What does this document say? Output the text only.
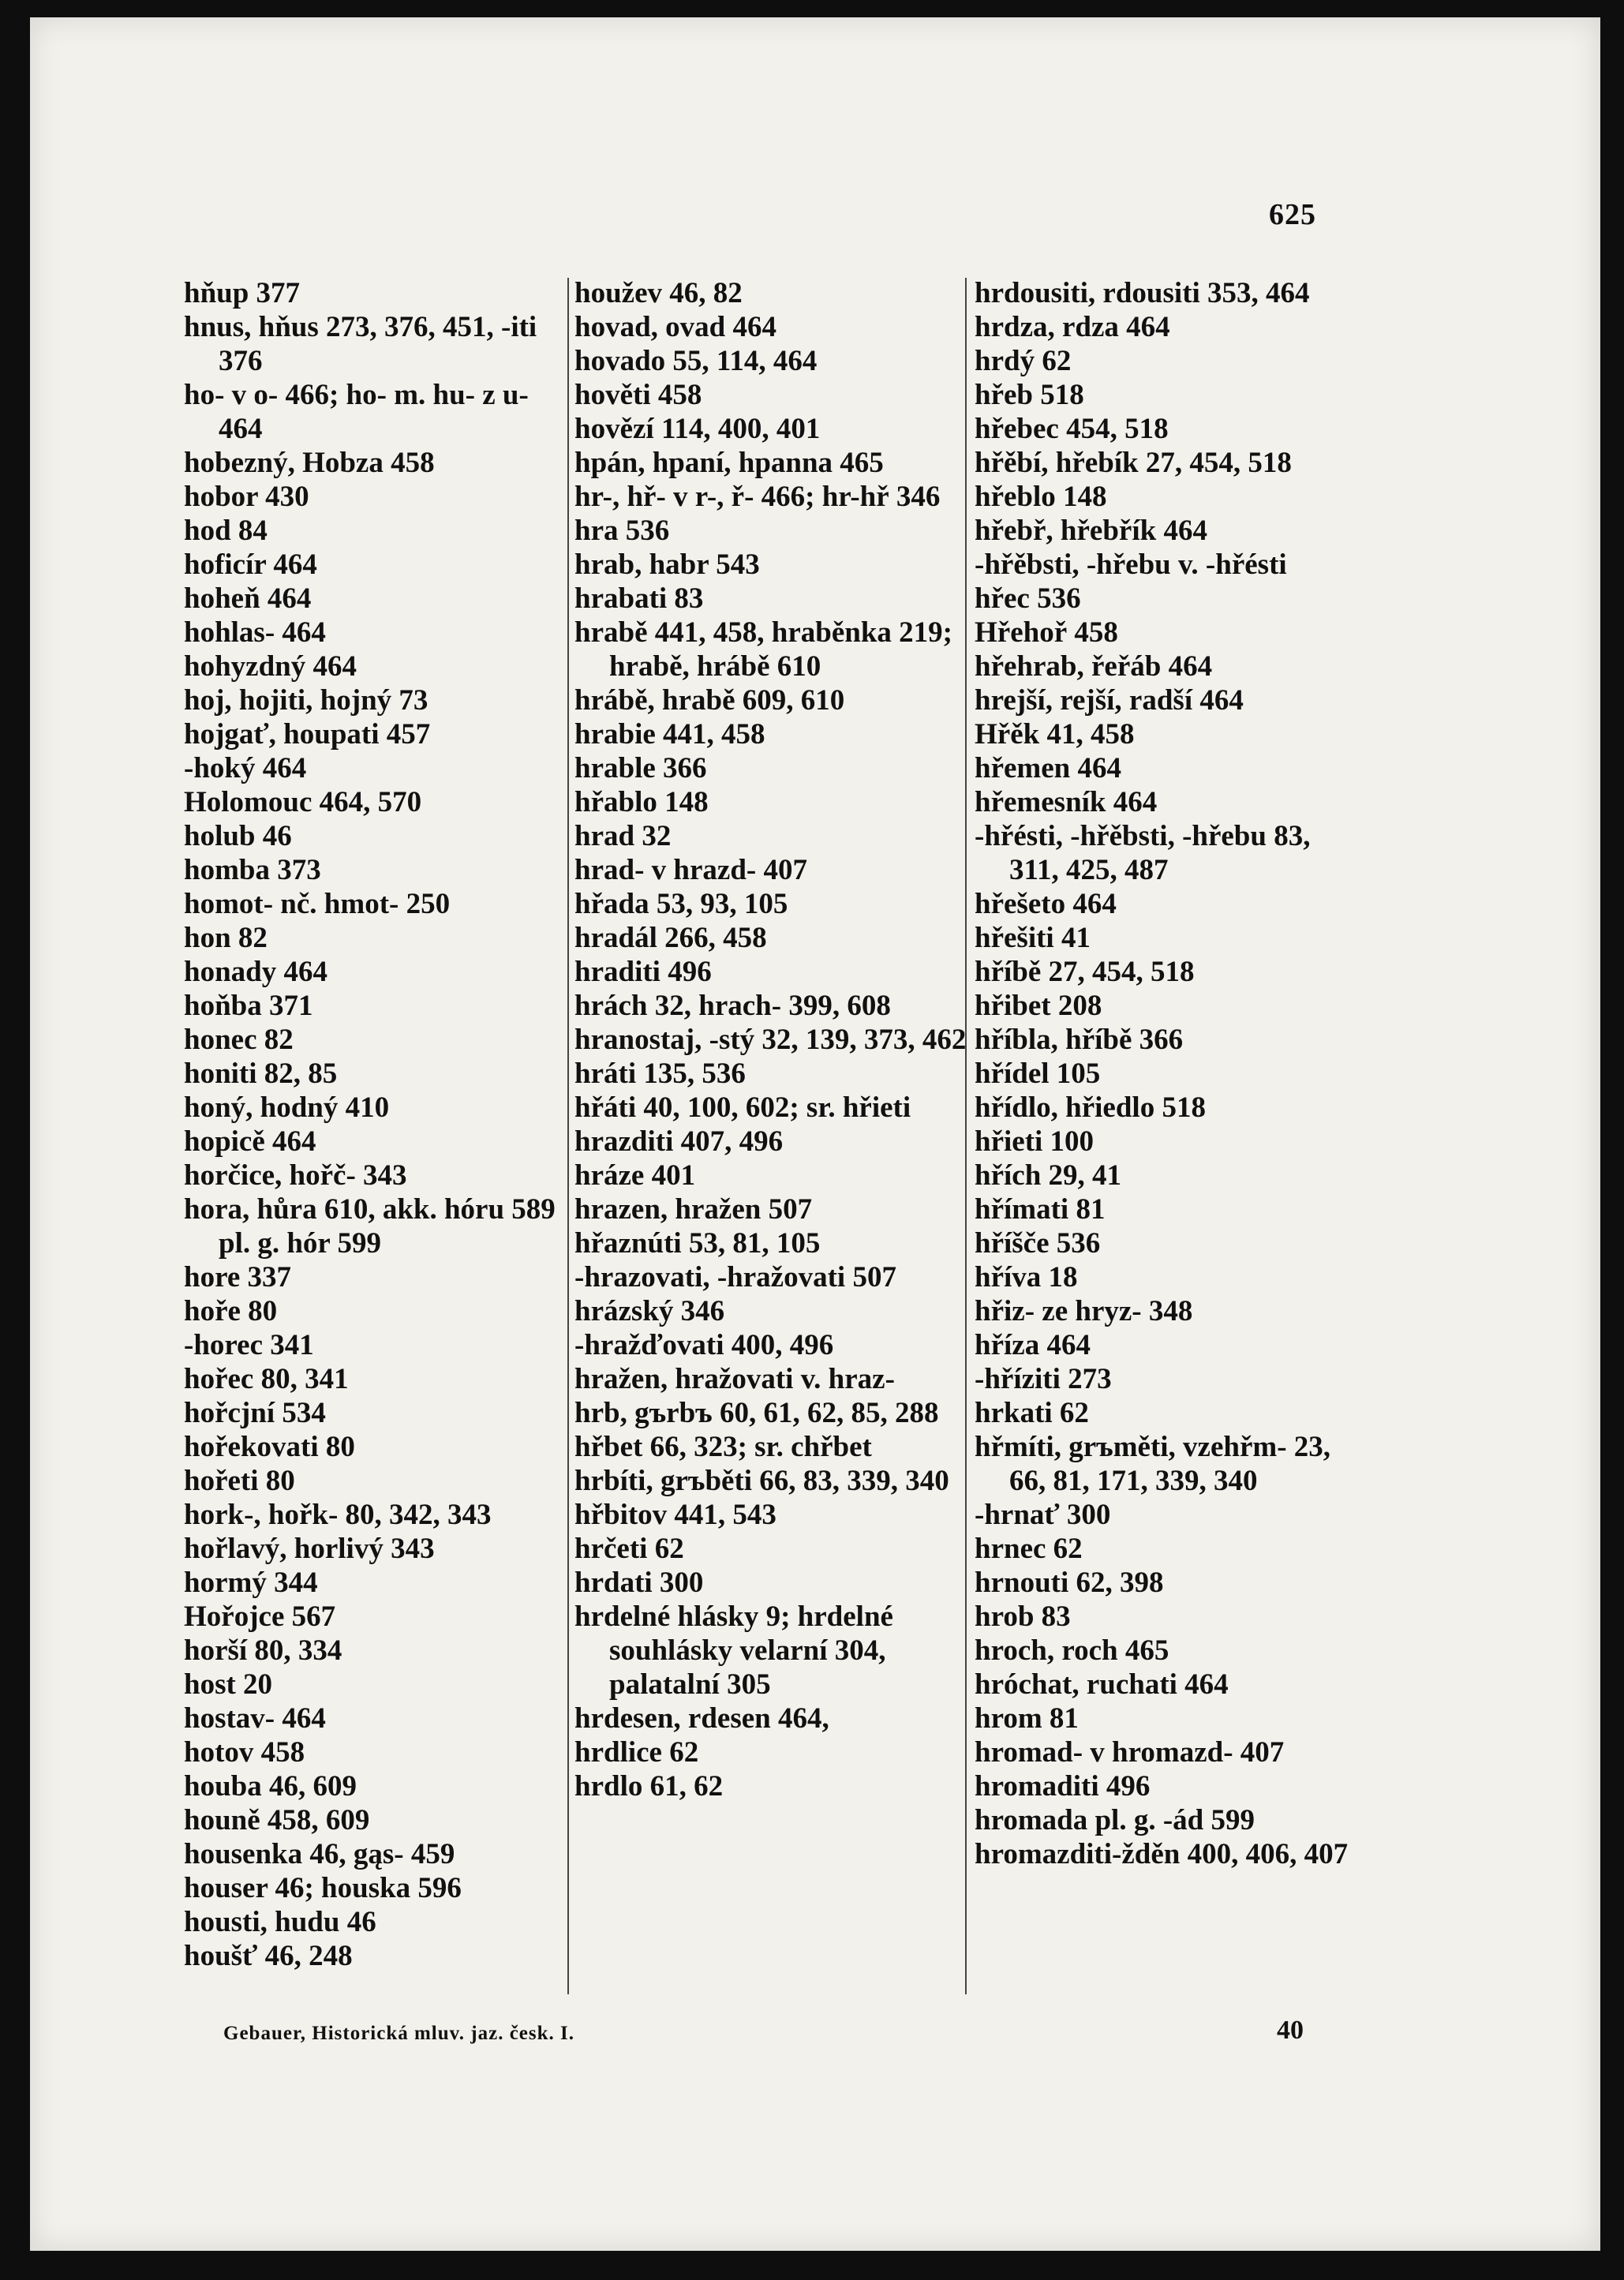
625
hňup 377
hnus, hňus 273, 376, 451, -iti 376
ho- v o- 466; ho- m. hu- z u- 464
hobezný, Hobza 458
hobor 430
hod 84
hoficír 464
hoheň 464
hohlas- 464
hohyzdný 464
hoj, hojiti, hojný 73
hojgať, houpati 457
-hoký 464
Holomouc 464, 570
holub 46
homba 373
homot- nč. hmot- 250
hon 82
honady 464
hoňba 371
honec 82
honiti 82, 85
honý, hodný 410
hopicě 464
horčice, hořč- 343
hora, hůra 610, akk. hóru 589 pl. g. hór 599
hore 337
hoře 80
-horec 341
hořec 80, 341
hořcjní 534
hořekovati 80
hořeti 80
hork-, hořk- 80, 342, 343
hořlavý, horlivý 343
hormý 344
Hořojce 567
horší 80, 334
host 20
hostav- 464
hotov 458
houba 46, 609
houně 458, 609
housenka 46, gąs- 459
houser 46; houska 596
housti, hudu 46
houšť 46, 248
houžev 46, 82
hovad, ovad 464
hovado 55, 114, 464
hověti 458
hovězí 114, 400, 401
hpán, hpaní, hpanna 465
hr-, hř- v r-, ř- 466; hr-hř 346
hra 536
hrab, habr 543
hrabati 83
hrabě 441, 458, hraběnka 219; hrabě, hrábě 610
hrábě, hrabě 609, 610
hrabie 441, 458
hrable 366
hřablo 148
hrad 32
hrad- v hrazd- 407
hřada 53, 93, 105
hradál 266, 458
hraditi 496
hrách 32, hrach- 399, 608
hranostaj, -stý 32, 139, 373, 462
hráti 135, 536
hřáti 40, 100, 602; sr. hřieti
hrazditi 407, 496
hráze 401
hrazen, hražen 507
hřaznúti 53, 81, 105
-hrazovati, -hražovati 507
hrázský 346
-hražďovati 400, 496
hražen, hražovati v. hraz-
hrb, gъrbъ 60, 61, 62, 85, 288
hřbet 66, 323; sr. chřbet
hrbíti, grъběti 66, 83, 339, 340
hřbitov 441, 543
hrčeti 62
hrdati 300
hrdelné hlásky 9; hrdelné souhlásky velarní 304, palatalní 305
hrdesen, rdesen 464,
hrdlice 62
hrdlo 61, 62
hrdousiti, rdousiti 353, 464
hrdza, rdza 464
hrdý 62
hřeb 518
hřebec 454, 518
hřěbí, hřebík 27, 454, 518
hřeblo 148
hřebř, hřebřík 464
-hřěbsti, -hřebu v. -hřésti
hřec 536
Hřehoř 458
hřehrab, řeřáb 464
hrejší, rejší, radší 464
Hřěk 41, 458
hřemen 464
hřemesník 464
-hřésti, -hřěbsti, -hřebu 83, 311, 425, 487
hřešeto 464
hřešiti 41
hříbě 27, 454, 518
hřibet 208
hříbla, hříbě 366
hřídel 105
hřídlo, hřiedlo 518
hřieti 100
hřích 29, 41
hřímati 81
hříšče 536
hříva 18
hřiz- ze hryz- 348
hříza 464
-hříziti 273
hrkati 62
hřmíti, grъměti, vzehřm- 23, 66, 81, 171, 339, 340
-hrnať 300
hrnec 62
hrnouti 62, 398
hrob 83
hroch, roch 465
hróchat, ruchati 464
hrom 81
hromad- v hromazd- 407
hromaditi 496
hromada pl. g. -ád 599
hromazditi-žděn 400, 406, 407
Gebauer, Historická mluv. jaz. česk. I.	40
